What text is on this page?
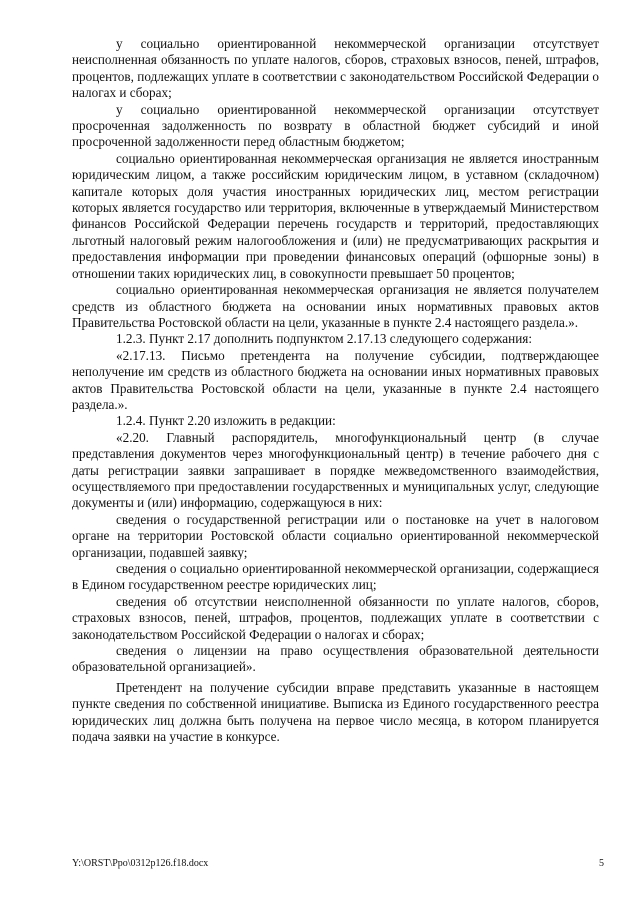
у социально ориентированной некоммерческой организации отсутствует неисполненная обязанность по уплате налогов, сборов, страховых взносов, пеней, штрафов, процентов, подлежащих уплате в соответствии с законодательством Российской Федерации о налогах и сборах;

у социально ориентированной некоммерческой организации отсутствует просроченная задолженность по возврату в областной бюджет субсидий и иной просроченной задолженности перед областным бюджетом;

социально ориентированная некоммерческая организация не является иностранным юридическим лицом, а также российским юридическим лицом, в уставном (складочном) капитале которых доля участия иностранных юридических лиц, местом регистрации которых является государство или территория, включенные в утверждаемый Министерством финансов Российской Федерации перечень государств и территорий, предоставляющих льготный налоговый режим налогообложения и (или) не предусматривающих раскрытия и предоставления информации при проведении финансовых операций (офшорные зоны) в отношении таких юридических лиц, в совокупности превышает 50 процентов;

социально ориентированная некоммерческая организация не является получателем средств из областного бюджета на основании иных нормативных правовых актов Правительства Ростовской области на цели, указанные в пункте 2.4 настоящего раздела.».

1.2.3. Пункт 2.17 дополнить подпунктом 2.17.13 следующего содержания:

«2.17.13. Письмо претендента на получение субсидии, подтверждающее неполучение им средств из областного бюджета на основании иных нормативных правовых актов Правительства Ростовской области на цели, указанные в пункте 2.4 настоящего раздела.».

1.2.4. Пункт 2.20 изложить в редакции:

«2.20. Главный распорядитель, многофункциональный центр (в случае представления документов через многофункциональный центр) в течение рабочего дня с даты регистрации заявки запрашивает в порядке межведомственного взаимодействия, осуществляемого при предоставлении государственных и муниципальных услуг, следующие документы и (или) информацию, содержащуюся в них:

сведения о государственной регистрации или о постановке на учет в налоговом органе на территории Ростовской области социально ориентированной некоммерческой организации, подавшей заявку;

сведения о социально ориентированной некоммерческой организации, содержащиеся в Едином государственном реестре юридических лиц;

сведения об отсутствии неисполненной обязанности по уплате налогов, сборов, страховых взносов, пеней, штрафов, процентов, подлежащих уплате в соответствии с законодательством Российской Федерации о налогах и сборах;

сведения о лицензии на право осуществления образовательной деятельности образовательной организацией».

Претендент на получение субсидии вправе представить указанные в настоящем пункте сведения по собственной инициативе. Выписка из Единого государственного реестра юридических лиц должна быть получена на первое число месяца, в котором планируется подача заявки на участие в конкурсе.

Y:\ORST\Ppo\0312p126.f18.docx	5
